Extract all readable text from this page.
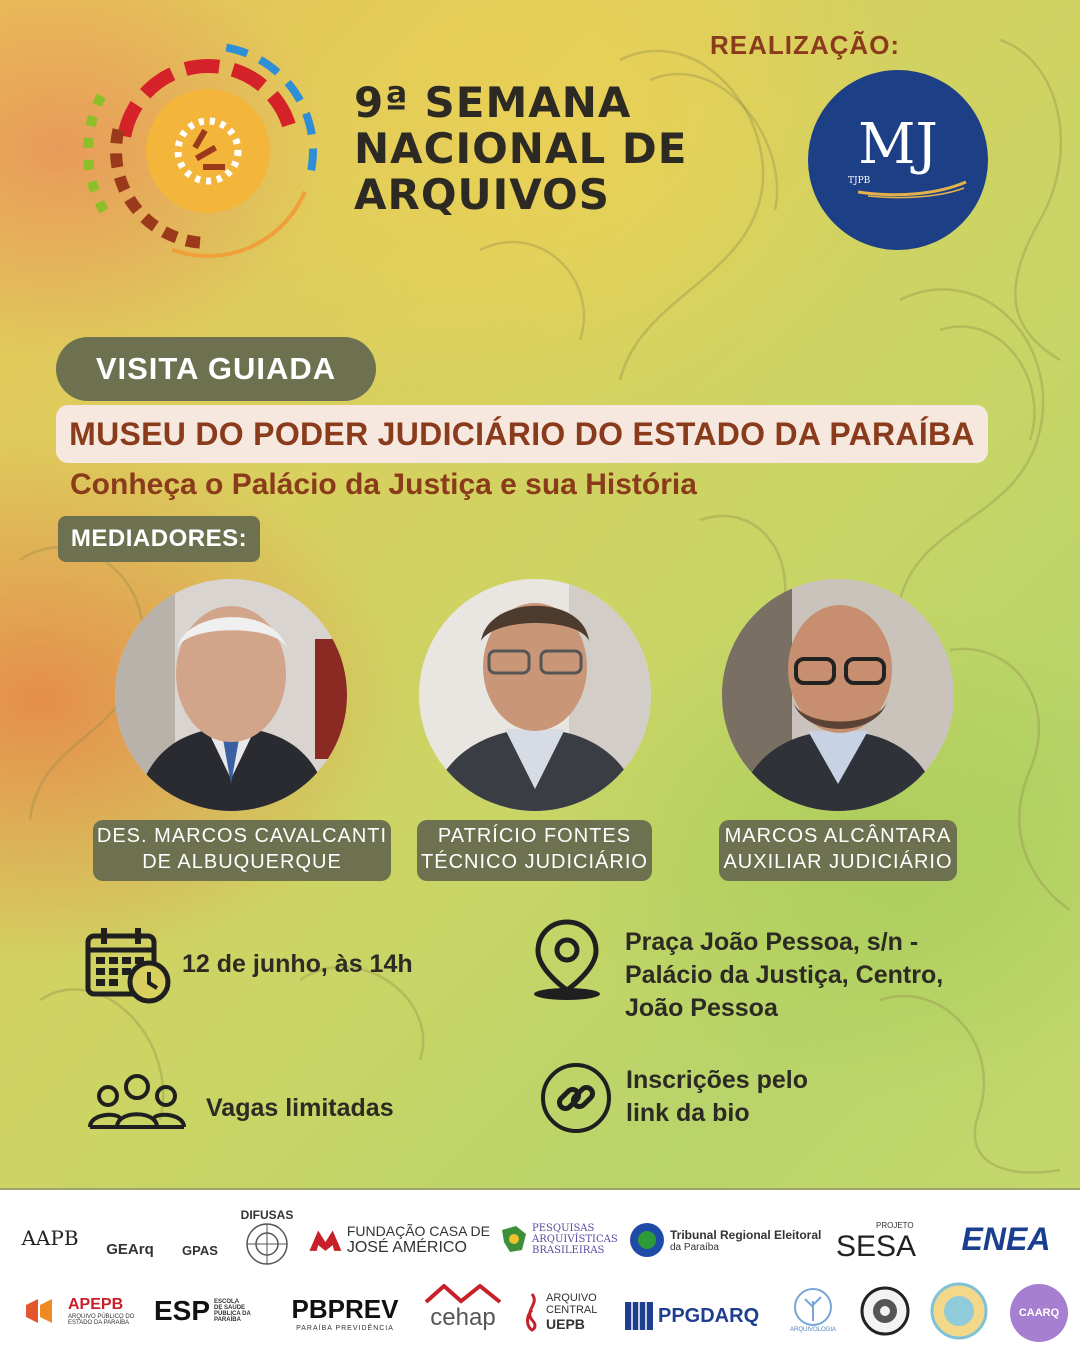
9ª SEMANA
NACIONAL DE
ARQUIVOS
REALIZAÇÃO:
MJ
TJPB
VISITA GUIADA
MUSEU DO PODER JUDICIÁRIO DO ESTADO DA PARAÍBA
Conheça o Palácio da Justiça e sua História
MEDIADORES:
DES. MARCOS CAVALCANTI
DE ALBUQUERQUE
PATRÍCIO FONTES
TÉCNICO JUDICIÁRIO
MARCOS ALCÂNTARA
AUXILIAR JUDICIÁRIO
12 de junho, às 14h
Praça João Pessoa, s/n -
Palácio da Justiça, Centro,
João Pessoa
Vagas limitadas
Inscrições pelo
link da bio
AAPB GEArq GPAS
DIFUSAS
FUNDAÇÃO CASA DE
JOSÉ AMÉRICO
PESQUISAS
ARQUIVÍSTICAS
BRASILEIRAS
Tribunal Regional Eleitoral
da Paraíba
PROJETO
SESA ENEA
APEPB
ARQUIVO PÚBLICO DO
ESTADO DA PARAÍBA ESP ESCOLA
DE SAÚDE
PÚBLICA DA
PARAÍBA	PBPREV
PARAÍBA PREVIDÊNCIA cehap
ARQUIVO
CENTRAL
UEPB	PPGDARQ
ARQUIVOLOGIA
CAARQ
